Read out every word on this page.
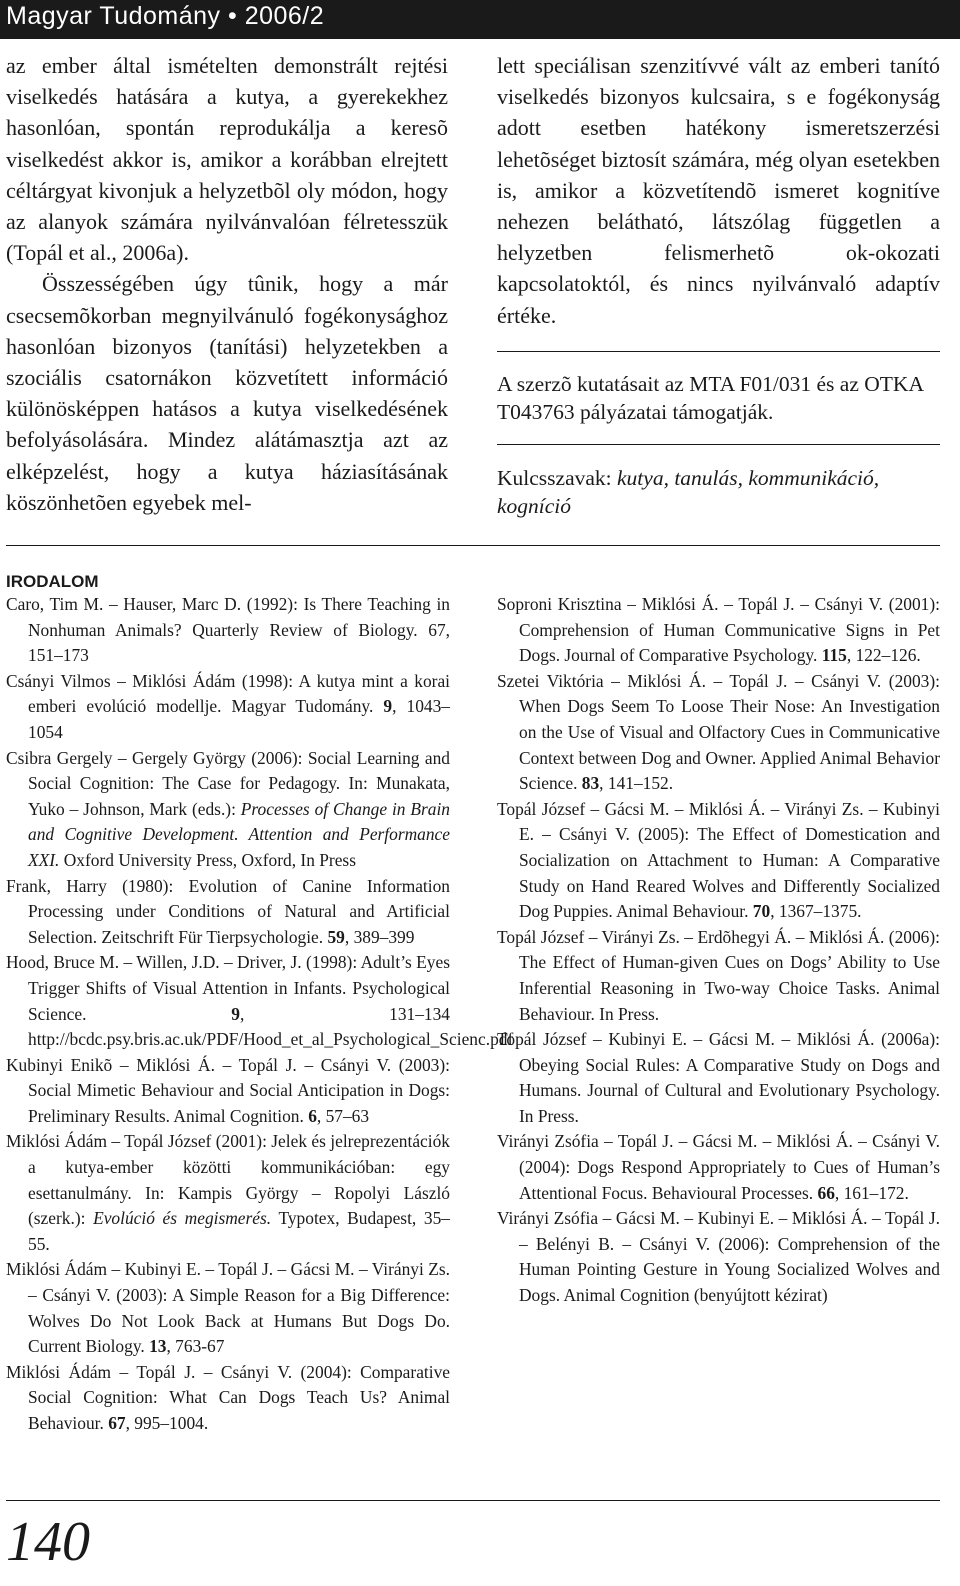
Magyar Tudomány • 2006/2

az ember által ismételten demonstrált rejtési viselkedés hatására a kutya, a gyerekekhez hasonlóan, spontán reprodukálja a keresõ viselkedést akkor is, amikor a korábban elrejtett céltárgyat kivonjuk a helyzetbõl oly módon, hogy az alanyok számára nyilvánvalóan félretesszük (Topál et al., 2006a).

Összességében úgy tûnik, hogy a már csecsemõkorban megnyilvánuló fogékonysághoz hasonlóan bizonyos (tanítási) helyzetekben a szociális csatornákon közvetített információ különösképpen hatásos a kutya viselkedésének befolyásolására. Mindez alátámasztja azt az elképzelést, hogy a kutya háziasításának köszönhetõen egyebek mel-

lett speciálisan szenzitívvé vált az emberi tanító viselkedés bizonyos kulcsaira, s e fogékonyság adott esetben hatékony ismeretszerzési lehetõséget biztosít számára, még olyan esetekben is, amikor a közvetítendõ ismeret kognitíve nehezen belátható, látszólag független a helyzetben felismerhetõ ok-okozati kapcsolatoktól, és nincs nyilvánvaló adaptív értéke.

A szerzõ kutatásait az MTA F01/031 és az OTKA T043763 pályázatai támogatják.
Kulcsszavak: kutya, tanulás, kommunikáció, kogníció
IRODALOM
Caro, Tim M. – Hauser, Marc D. (1992): Is There Teaching in Nonhuman Animals? Quarterly Review of Biology. 67, 151–173
Csányi Vilmos – Miklósi Ádám (1998): A kutya mint a korai emberi evolúció modellje. Magyar Tudomány. 9, 1043–1054
Csibra Gergely – Gergely György (2006): Social Learning and Social Cognition: The Case for Pedagogy. In: Munakata, Yuko – Johnson, Mark (eds.): Processes of Change in Brain and Cognitive Development. Attention and Performance XXI. Oxford University Press, Oxford, In Press
Frank, Harry (1980): Evolution of Canine Information Processing under Conditions of Natural and Artificial Selection. Zeitschrift Für Tierpsychologie. 59, 389–399
Hood, Bruce M. – Willen, J.D. – Driver, J. (1998): Adult’s Eyes Trigger Shifts of Visual Attention in Infants. Psychological Science. 9, 131–134 http://bcdc.psy.bris.ac.uk/PDF/Hood_et_al_Psychological_Scienc.pdf
Kubinyi Enikõ – Miklósi Á. – Topál J. – Csányi V. (2003): Social Mimetic Behaviour and Social Anticipation in Dogs: Preliminary Results. Animal Cognition. 6, 57–63
Miklósi Ádám – Topál József (2001): Jelek és jelreprezentációk a kutya-ember közötti kommunikációban: egy esettanulmány. In: Kampis György – Ropolyi László (szerk.): Evolúció és megismerés. Typotex, Budapest, 35–55.
Miklósi Ádám – Kubinyi E. – Topál J. – Gácsi M. – Virányi Zs. – Csányi V. (2003): A Simple Reason for a Big Difference: Wolves Do Not Look Back at Humans But Dogs Do. Current Biology. 13, 763-67
Miklósi Ádám – Topál J. – Csányi V. (2004): Comparative Social Cognition: What Can Dogs Teach Us? Animal Behaviour. 67, 995–1004.
Soproni Krisztina – Miklósi Á. – Topál J. – Csányi V. (2001): Comprehension of Human Communicative Signs in Pet Dogs. Journal of Comparative Psychology. 115, 122–126.
Szetei Viktória – Miklósi Á. – Topál J. – Csányi V. (2003): When Dogs Seem To Loose Their Nose: An Investigation on the Use of Visual and Olfactory Cues in Communicative Context between Dog and Owner. Applied Animal Behavior Science. 83, 141–152.
Topál József – Gácsi M. – Miklósi Á. – Virányi Zs. – Kubinyi E. – Csányi V. (2005): The Effect of Domestication and Socialization on Attachment to Human: A Comparative Study on Hand Reared Wolves and Differently Socialized Dog Puppies. Animal Behaviour. 70, 1367–1375.
Topál József – Virányi Zs. – Erdõhegyi Á. – Miklósi Á. (2006): The Effect of Human-given Cues on Dogs’ Ability to Use Inferential Reasoning in Two-way Choice Tasks. Animal Behaviour. In Press.
Topál József – Kubinyi E. – Gácsi M. – Miklósi Á. (2006a): Obeying Social Rules: A Comparative Study on Dogs and Humans. Journal of Cultural and Evolutionary Psychology. In Press.
Virányi Zsófia – Topál J. – Gácsi M. – Miklósi Á. – Csányi V. (2004): Dogs Respond Appropriately to Cues of Human’s Attentional Focus. Behavioural Processes. 66, 161–172.
Virányi Zsófia – Gácsi M. – Kubinyi E. – Miklósi Á. – Topál J. – Belényi B. – Csányi V. (2006): Comprehension of the Human Pointing Gesture in Young Socialized Wolves and Dogs. Animal Cognition (benyújtott kézirat)
140
